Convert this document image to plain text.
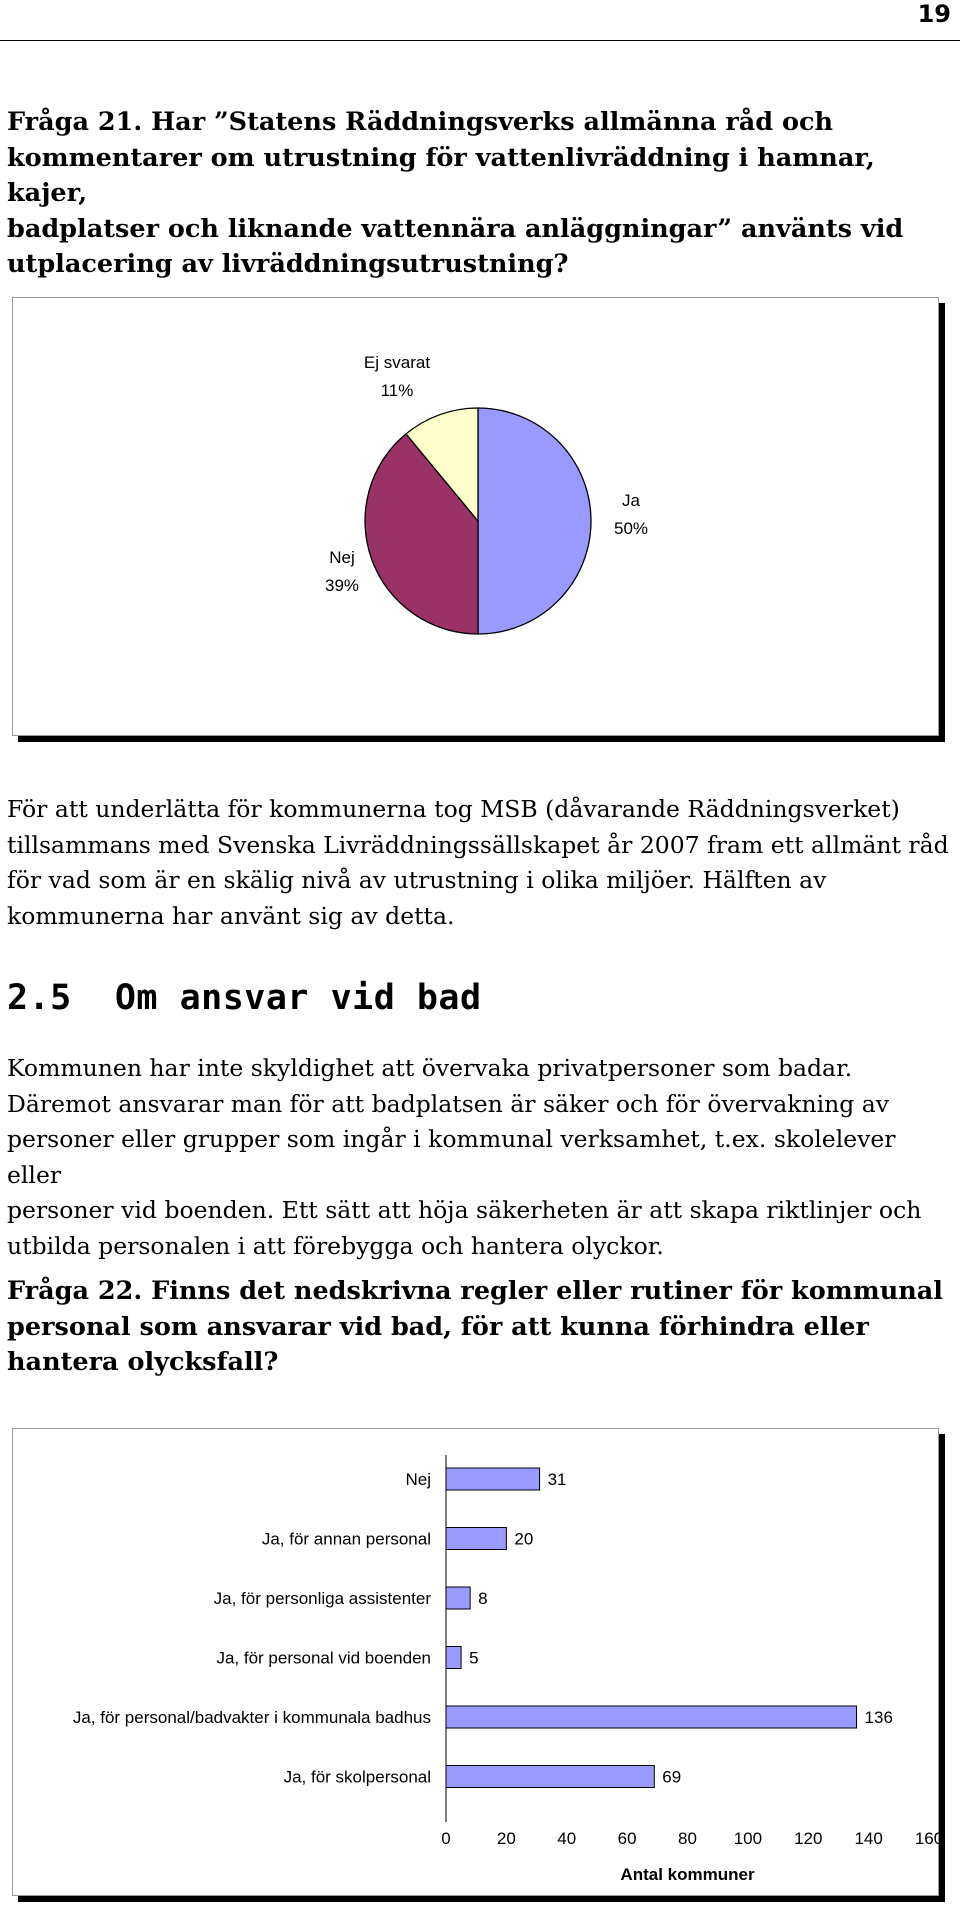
19
Fråga 21. Har ”Statens Räddningsverks allmänna råd och
kommentarer om utrustning för vattenlivräddning i hamnar, kajer,
badplatser och liknande vattennära anläggningar” använts vid
utplacering av livräddningsutrustning?
Ja
50%
Nej
39%
Ej svarat
11%
För att underlätta för kommunerna tog MSB (dåvarande Räddningsverket)
tillsammans med Svenska Livräddningssällskapet år 2007 fram ett allmänt råd
för vad som är en skälig nivå av utrustning i olika miljöer. Hälften av
kommunerna har använt sig av detta.
2.5  Om ansvar vid bad
Kommunen har inte skyldighet att övervaka privatpersoner som badar.
Däremot ansvarar man för att badplatsen är säker och för övervakning av
personer eller grupper som ingår i kommunal verksamhet, t.ex. skolelever eller
personer vid boenden. Ett sätt att höja säkerheten är att skapa riktlinjer och
utbilda personalen i att förebygga och hantera olyckor.
Fråga 22. Finns det nedskrivna regler eller rutiner för kommunal
personal som ansvarar vid bad, för att kunna förhindra eller
hantera olycksfall?
Nej	31
Ja, för annan personal	20
Ja, för personliga assistenter	8
Ja, för personal vid boenden 5
Ja, för personal/badvakter i kommunala badhus	136
Ja, för skolpersonal	69
0	20 40 60 80 100 120 140 160
Antal kommuner
